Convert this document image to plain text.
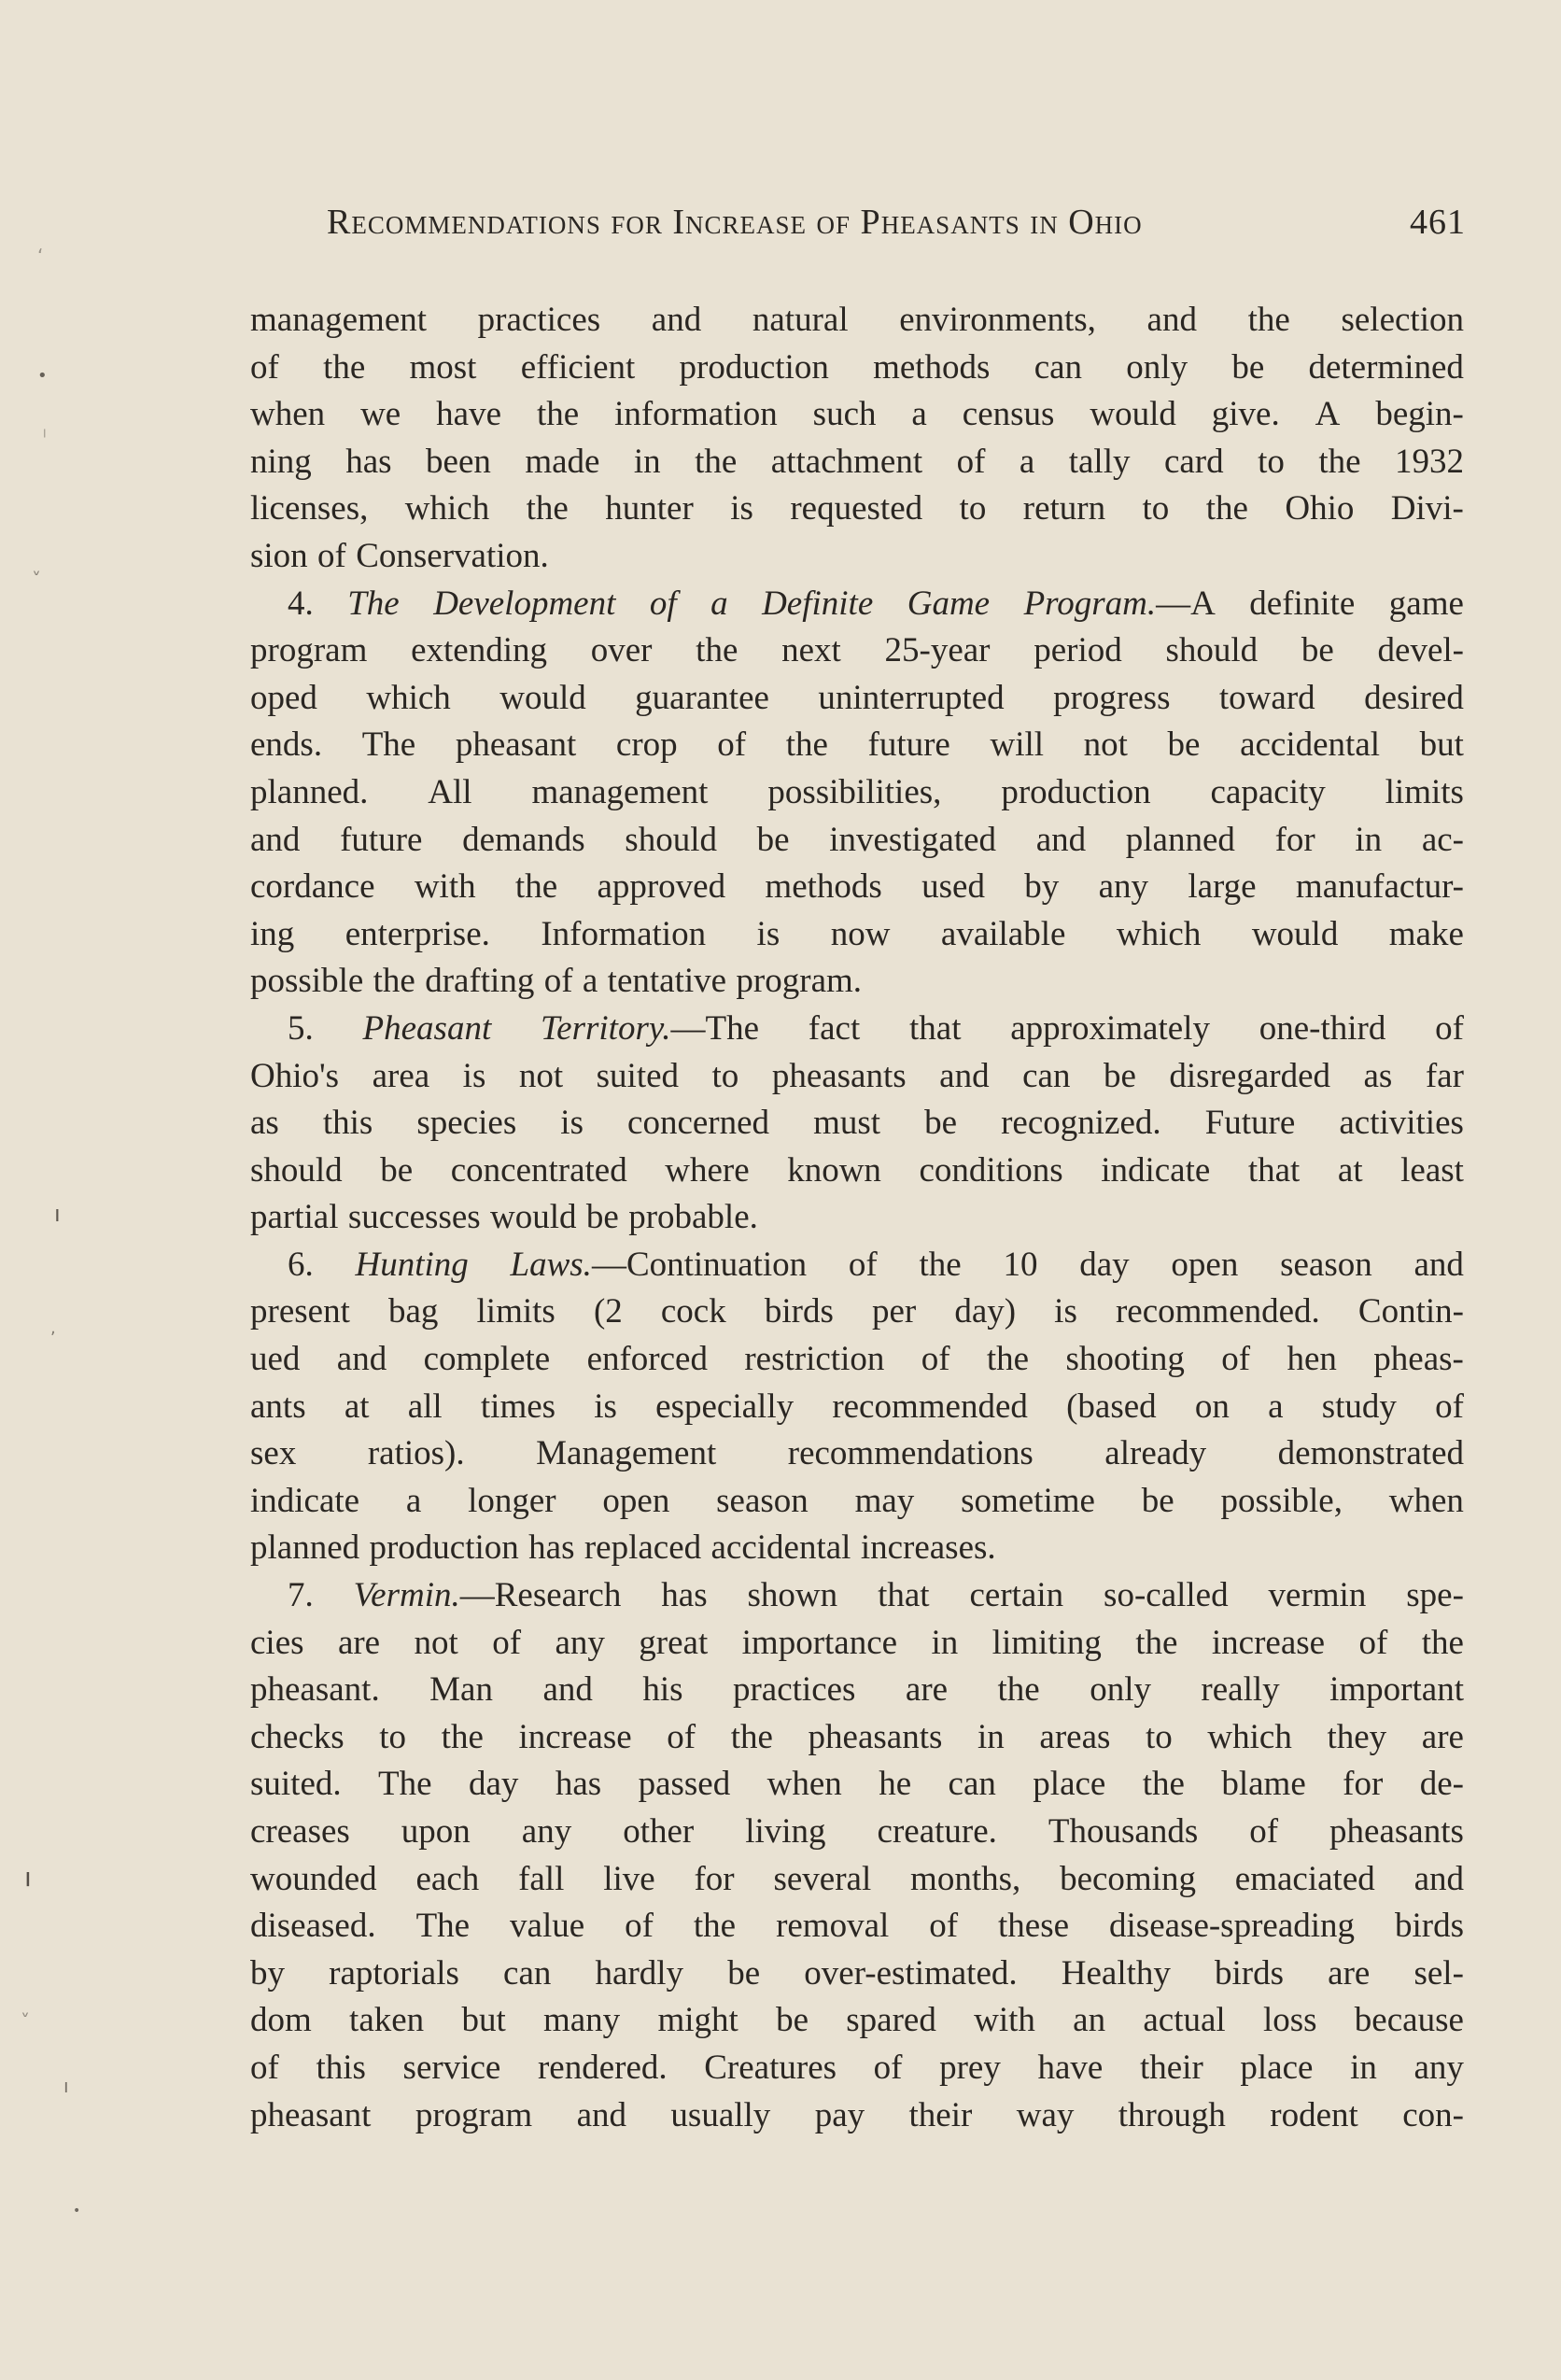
Recommendations for Increase of Pheasants in Ohio	461
management practices and natural environments, and the selection
of the most efficient production methods can only be determined
when we have the information such a census would give. A begin-
ning has been made in the attachment of a tally card to the 1932
licenses, which the hunter is requested to return to the Ohio Divi-
sion of Conservation.
4. The Development of a Definite Game Program.—A definite game
program extending over the next 25-year period should be devel-
oped which would guarantee uninterrupted progress toward desired
ends. The pheasant crop of the future will not be accidental but
planned. All management possibilities, production capacity limits
and future demands should be investigated and planned for in ac-
cordance with the approved methods used by any large manufactur-
ing enterprise. Information is now available which would make
possible the drafting of a tentative program.
5. Pheasant Territory.—The fact that approximately one-third of
Ohio's area is not suited to pheasants and can be disregarded as far
as this species is concerned must be recognized. Future activities
should be concentrated where known conditions indicate that at least
partial successes would be probable.
6. Hunting Laws.—Continuation of the 10 day open season and
present bag limits (2 cock birds per day) is recommended. Contin-
ued and complete enforced restriction of the shooting of hen pheas-
ants at all times is especially recommended (based on a study of
sex ratios). Management recommendations already demonstrated
indicate a longer open season may sometime be possible, when
planned production has replaced accidental increases.
7. Vermin.—Research has shown that certain so-called vermin spe-
cies are not of any great importance in limiting the increase of the
pheasant. Man and his practices are the only really important
checks to the increase of the pheasants in areas to which they are
suited. The day has passed when he can place the blame for de-
creases upon any other living creature. Thousands of pheasants
wounded each fall live for several months, becoming emaciated and
diseased. The value of the removal of these disease-spreading birds
by raptorials can hardly be over-estimated. Healthy birds are sel-
dom taken but many might be spared with an actual loss because
of this service rendered. Creatures of prey have their place in any
pheasant program and usually pay their way through rodent con-
‘
•
ˡ
ˬ
ı
,
ı
ˬ
ı
•
